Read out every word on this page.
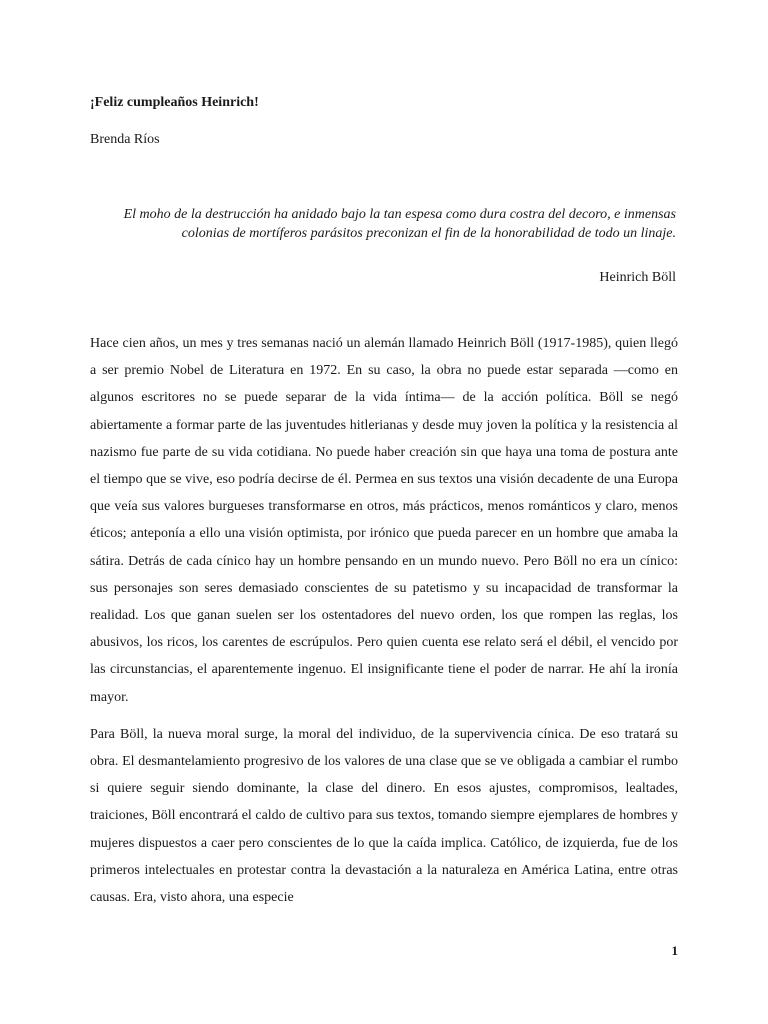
¡Feliz cumpleaños Heinrich!

Brenda Ríos

El moho de la destrucción ha anidado bajo la tan espesa como dura costra del decoro, e inmensas colonias de mortíferos parásitos preconizan el fin de la honorabilidad de todo un linaje.

Heinrich Böll

Hace cien años, un mes y tres semanas nació un alemán llamado Heinrich Böll (1917-1985), quien llegó a ser premio Nobel de Literatura en 1972. En su caso, la obra no puede estar separada —como en algunos escritores no se puede separar de la vida íntima— de la acción política. Böll se negó abiertamente a formar parte de las juventudes hitlerianas y desde muy joven la política y la resistencia al nazismo fue parte de su vida cotidiana. No puede haber creación sin que haya una toma de postura ante el tiempo que se vive, eso podría decirse de él. Permea en sus textos una visión decadente de una Europa que veía sus valores burgueses transformarse en otros, más prácticos, menos románticos y claro, menos éticos; anteponía a ello una visión optimista, por irónico que pueda parecer en un hombre que amaba la sátira. Detrás de cada cínico hay un hombre pensando en un mundo nuevo. Pero Böll no era un cínico: sus personajes son seres demasiado conscientes de su patetismo y su incapacidad de transformar la realidad. Los que ganan suelen ser los ostentadores del nuevo orden, los que rompen las reglas, los abusivos, los ricos, los carentes de escrúpulos. Pero quien cuenta ese relato será el débil, el vencido por las circunstancias, el aparentemente ingenuo. El insignificante tiene el poder de narrar. He ahí la ironía mayor.

Para Böll, la nueva moral surge, la moral del individuo, de la supervivencia cínica. De eso tratará su obra. El desmantelamiento progresivo de los valores de una clase que se ve obligada a cambiar el rumbo si quiere seguir siendo dominante, la clase del dinero. En esos ajustes, compromisos, lealtades, traiciones, Böll encontrará el caldo de cultivo para sus textos, tomando siempre ejemplares de hombres y mujeres dispuestos a caer pero conscientes de lo que la caída implica. Católico, de izquierda, fue de los primeros intelectuales en protestar contra la devastación a la naturaleza en América Latina, entre otras causas. Era, visto ahora, una especie

1
